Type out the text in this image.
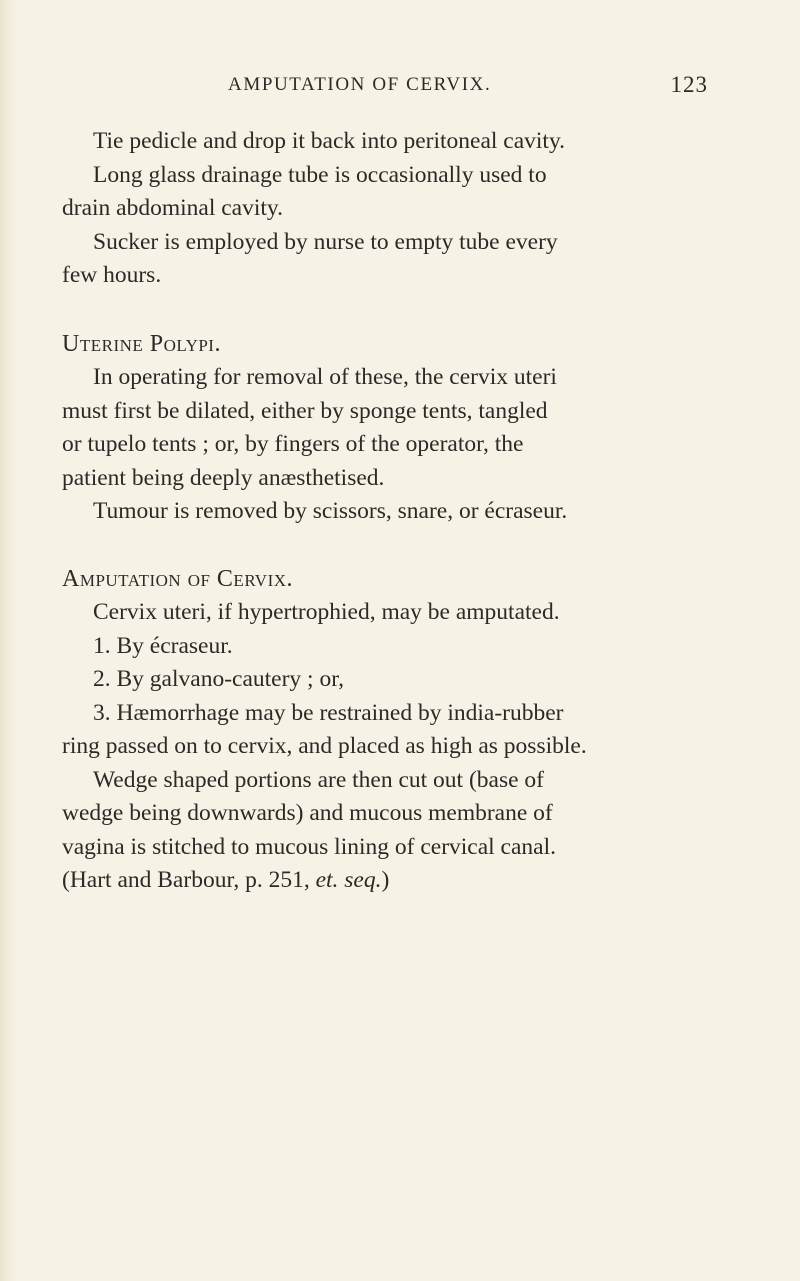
AMPUTATION OF CERVIX.	123
Tie pedicle and drop it back into peritoneal cavity.
Long glass drainage tube is occasionally used to
drain abdominal cavity.
Sucker is employed by nurse to empty tube every
few hours.
Uterine Polypi.
In operating for removal of these, the cervix uteri
must first be dilated, either by sponge tents, tangled
or tupelo tents ; or, by fingers of the operator, the
patient being deeply anæsthetised.
Tumour is removed by scissors, snare, or écraseur.
Amputation of Cervix.
Cervix uteri, if hypertrophied, may be amputated.
1. By écraseur.
2. By galvano-cautery ; or,
3. Hæmorrhage may be restrained by india-rubber
ring passed on to cervix, and placed as high as possible.
Wedge shaped portions are then cut out (base of
wedge being downwards) and mucous membrane of
vagina is stitched to mucous lining of cervical canal.
(Hart and Barbour, p. 251, et. seq.)
